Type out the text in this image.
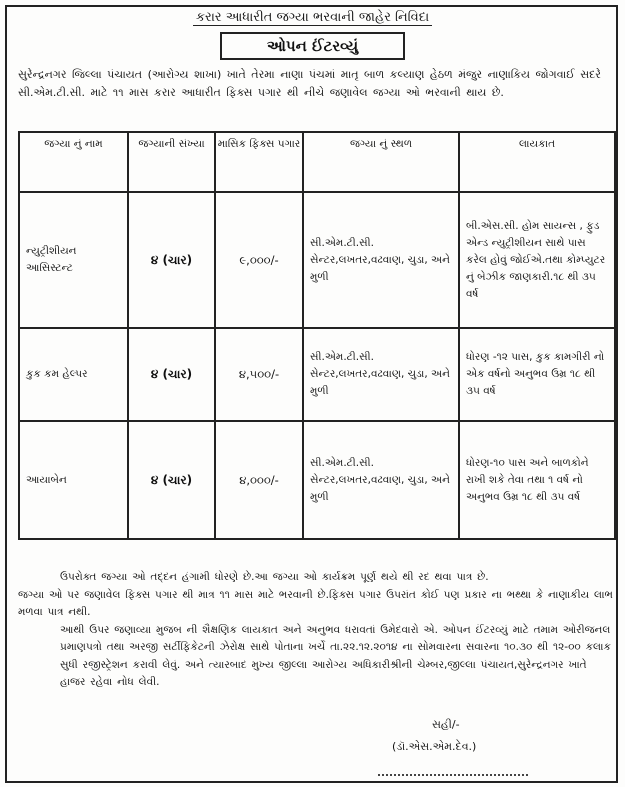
કરાર આધારીત જગ્યા ભરવાની જાહેર નિવિદા
ઓપન ઈંટરવ્યું
સુરેન્દ્રનગર જિલ્લા પંચાયત (આરોગ્ય શાખા) ખાતે તેરમા નાણા પંચમાં માતૃ બાળ કલ્યાણ હેઠળ મંજુર નાણાકિય જોગવાઈ સદરે સી.એમ.ટી.સી. માટે ૧૧ માસ કરાર આધારીત ફિક્સ પગાર થી નીચે જણાવેલ જગ્યા ઓ ભરવાની થાય છે.
જગ્યા નું નામ	જગ્યાની સંખ્યા	માસિક ફિક્સ પગાર	જગ્યા નું સ્થળ	લાયકાત
ન્યુટ્રીશીયન આસિસ્ટન્ટ	૪ (ચાર)	૯,૦૦૦/-	સી.એમ.ટી.સી. સેન્ટર,લખતર,વઢવાણ, ચુડા, અને મુળી	બી.એસ.સી. હોમ સાયન્સ , ફુડ એન્ડ ન્યુટ્રીશીયન સાથે પાસ કરેલ હોવું જોઈએ.તથા કોમ્પ્યુટર નું બેઝીક જાણકારી.૧૮ થી ૩૫ વર્ષ
કુક કમ હેલ્પર	૪ (ચાર)	૪,૫૦૦/-	સી.એમ.ટી.સી. સેન્ટર,લખતર,વઢવાણ, ચુડા, અને મુળી	ધોરણ -૧૨ પાસ, કુક કામગીરી નો એક વર્ષનો અનુભવ ઉમ્ર ૧૮ થી ૩૫ વર્ષ
આયાબેન	૪ (ચાર)	૪,૦૦૦/-	સી.એમ.ટી.સી. સેન્ટર,લખતર,વઢવાણ, ચુડા, અને મુળી	ધોરણ-૧૦ પાસ અને બાળકોને રાખી શકે તેવા તથા ૧ વર્ષ નો અનુભવ ઉમ્ર ૧૮ થી ૩૫ વર્ષ

ઉપરોક્ત જગ્યા ઓ તદ્દન હંગામી ધોરણે છે.આ જગ્યા ઓ કાર્યક્રમ પૂર્ણ થયે થી રદ થવા પાત્ર છે.

જગ્યા ઓ પર જણાવેલ ફિક્સ પગાર થી માત્ર ૧૧ માસ માટે ભરવાની છે.ફિક્સ પગાર ઉપરાંત કોઈ પણ પ્રકાર ના ભથ્થા કે નાણાકીય લાભ મળવા પાત્ર નથી.

આથી ઉપર જણાવ્યા મુજબ ની શૈક્ષણિક લાયકાત અને અનુભવ ધરાવતાં ઉમેદવારો એ. ઓપન ઈંટરવ્યું માટે તમામ ઓરીજનલ પ્રમાણપત્રો તથા અરજી સર્ટીફિકેટની ઝેરોક્ષ સાથે પોતાના ખર્ચે તા.૨૨.૧૨.૨૦૧૪ ના સોમવારના સવારના ૧૦.૩૦ થી ૧૨-૦૦ કલાક સુધી રજીસ્ટ્રેશન કરાવી લેવું. અને ત્યારબાદ મુખ્ય જીલ્લા આરોગ્ય અધિકારીશ્રીની ચેમ્બર,જીલ્લા પંચાયત,સુરેન્દ્રનગર ખાતે હાજર રહેવા નોધ લેવી.

સહી/-
(ડૉ.એસ.એમ.દેવ.)
